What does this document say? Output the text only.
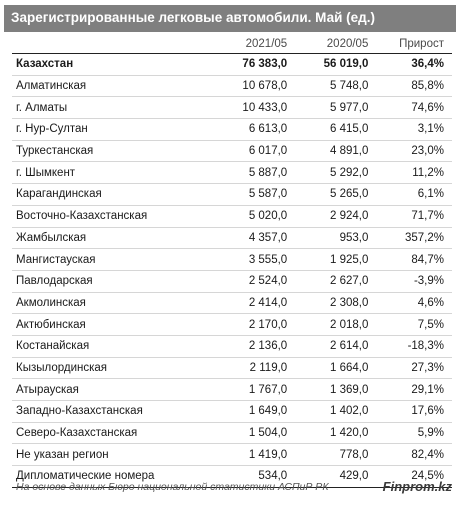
Зарегистрированные легковые автомобили. Май (ед.)
	2021/05	2020/05	Прирост
Казахстан	76 383,0	56 019,0	36,4%
Алматинская	10 678,0	5 748,0	85,8%
г. Алматы	10 433,0	5 977,0	74,6%
г. Нур-Султан	6 613,0	6 415,0	3,1%
Туркестанская	6 017,0	4 891,0	23,0%
г. Шымкент	5 887,0	5 292,0	11,2%
Карагандинская	5 587,0	5 265,0	6,1%
Восточно-Казахстанская	5 020,0	2 924,0	71,7%
Жамбылская	4 357,0	953,0	357,2%
Мангистауская	3 555,0	1 925,0	84,7%
Павлодарская	2 524,0	2 627,0	-3,9%
Акмолинская	2 414,0	2 308,0	4,6%
Актюбинская	2 170,0	2 018,0	7,5%
Костанайская	2 136,0	2 614,0	-18,3%
Кызылординская	2 119,0	1 664,0	27,3%
Атырауская	1 767,0	1 369,0	29,1%
Западно-Казахстанская	1 649,0	1 402,0	17,6%
Северо-Казахстанская	1 504,0	1 420,0	5,9%
Не указан регион	1 419,0	778,0	82,4%
Дипломатические номера	534,0	429,0	24,5%
На основе данных Бюро национальной статистики АСПиР РК	Finprom.kz
